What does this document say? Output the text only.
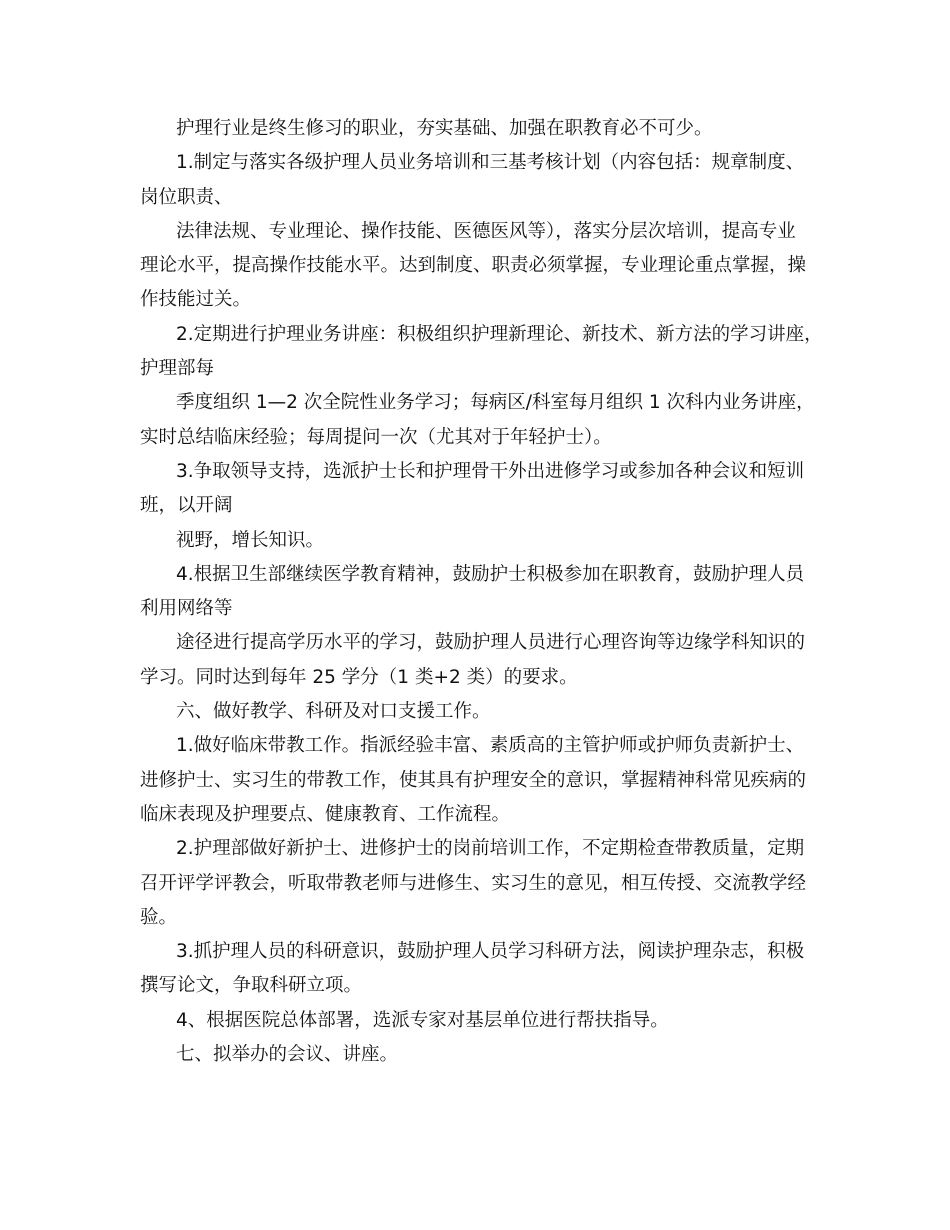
护理行业是终生修习的职业，夯实基础、加强在职教育必不可少。
1.制定与落实各级护理人员业务培训和三基考核计划（内容包括：规章制度、
岗位职责、
法律法规、专业理论、操作技能、医德医风等），落实分层次培训，提高专业
理论水平，提高操作技能水平。达到制度、职责必须掌握，专业理论重点掌握，操
作技能过关。
2.定期进行护理业务讲座：积极组织护理新理论、新技术、新方法的学习讲座，
护理部每
季度组织 1—2 次全院性业务学习；每病区/科室每月组织 1 次科内业务讲座，
实时总结临床经验；每周提问一次（尤其对于年轻护士）。
3.争取领导支持，选派护士长和护理骨干外出进修学习或参加各种会议和短训
班，以开阔
视野，增长知识。
4.根据卫生部继续医学教育精神，鼓励护士积极参加在职教育，鼓励护理人员
利用网络等
途径进行提高学历水平的学习，鼓励护理人员进行心理咨询等边缘学科知识的
学习。同时达到每年 25 学分（1 类+2 类）的要求。
六、做好教学、科研及对口支援工作。
1.做好临床带教工作。指派经验丰富、素质高的主管护师或护师负责新护士、
进修护士、实习生的带教工作，使其具有护理安全的意识，掌握精神科常见疾病的
临床表现及护理要点、健康教育、工作流程。
2.护理部做好新护士、进修护士的岗前培训工作，不定期检查带教质量，定期
召开评学评教会，听取带教老师与进修生、实习生的意见，相互传授、交流教学经
验。
3.抓护理人员的科研意识，鼓励护理人员学习科研方法，阅读护理杂志，积极
撰写论文，争取科研立项。
4、根据医院总体部署，选派专家对基层单位进行帮扶指导。
七、拟举办的会议、讲座。
